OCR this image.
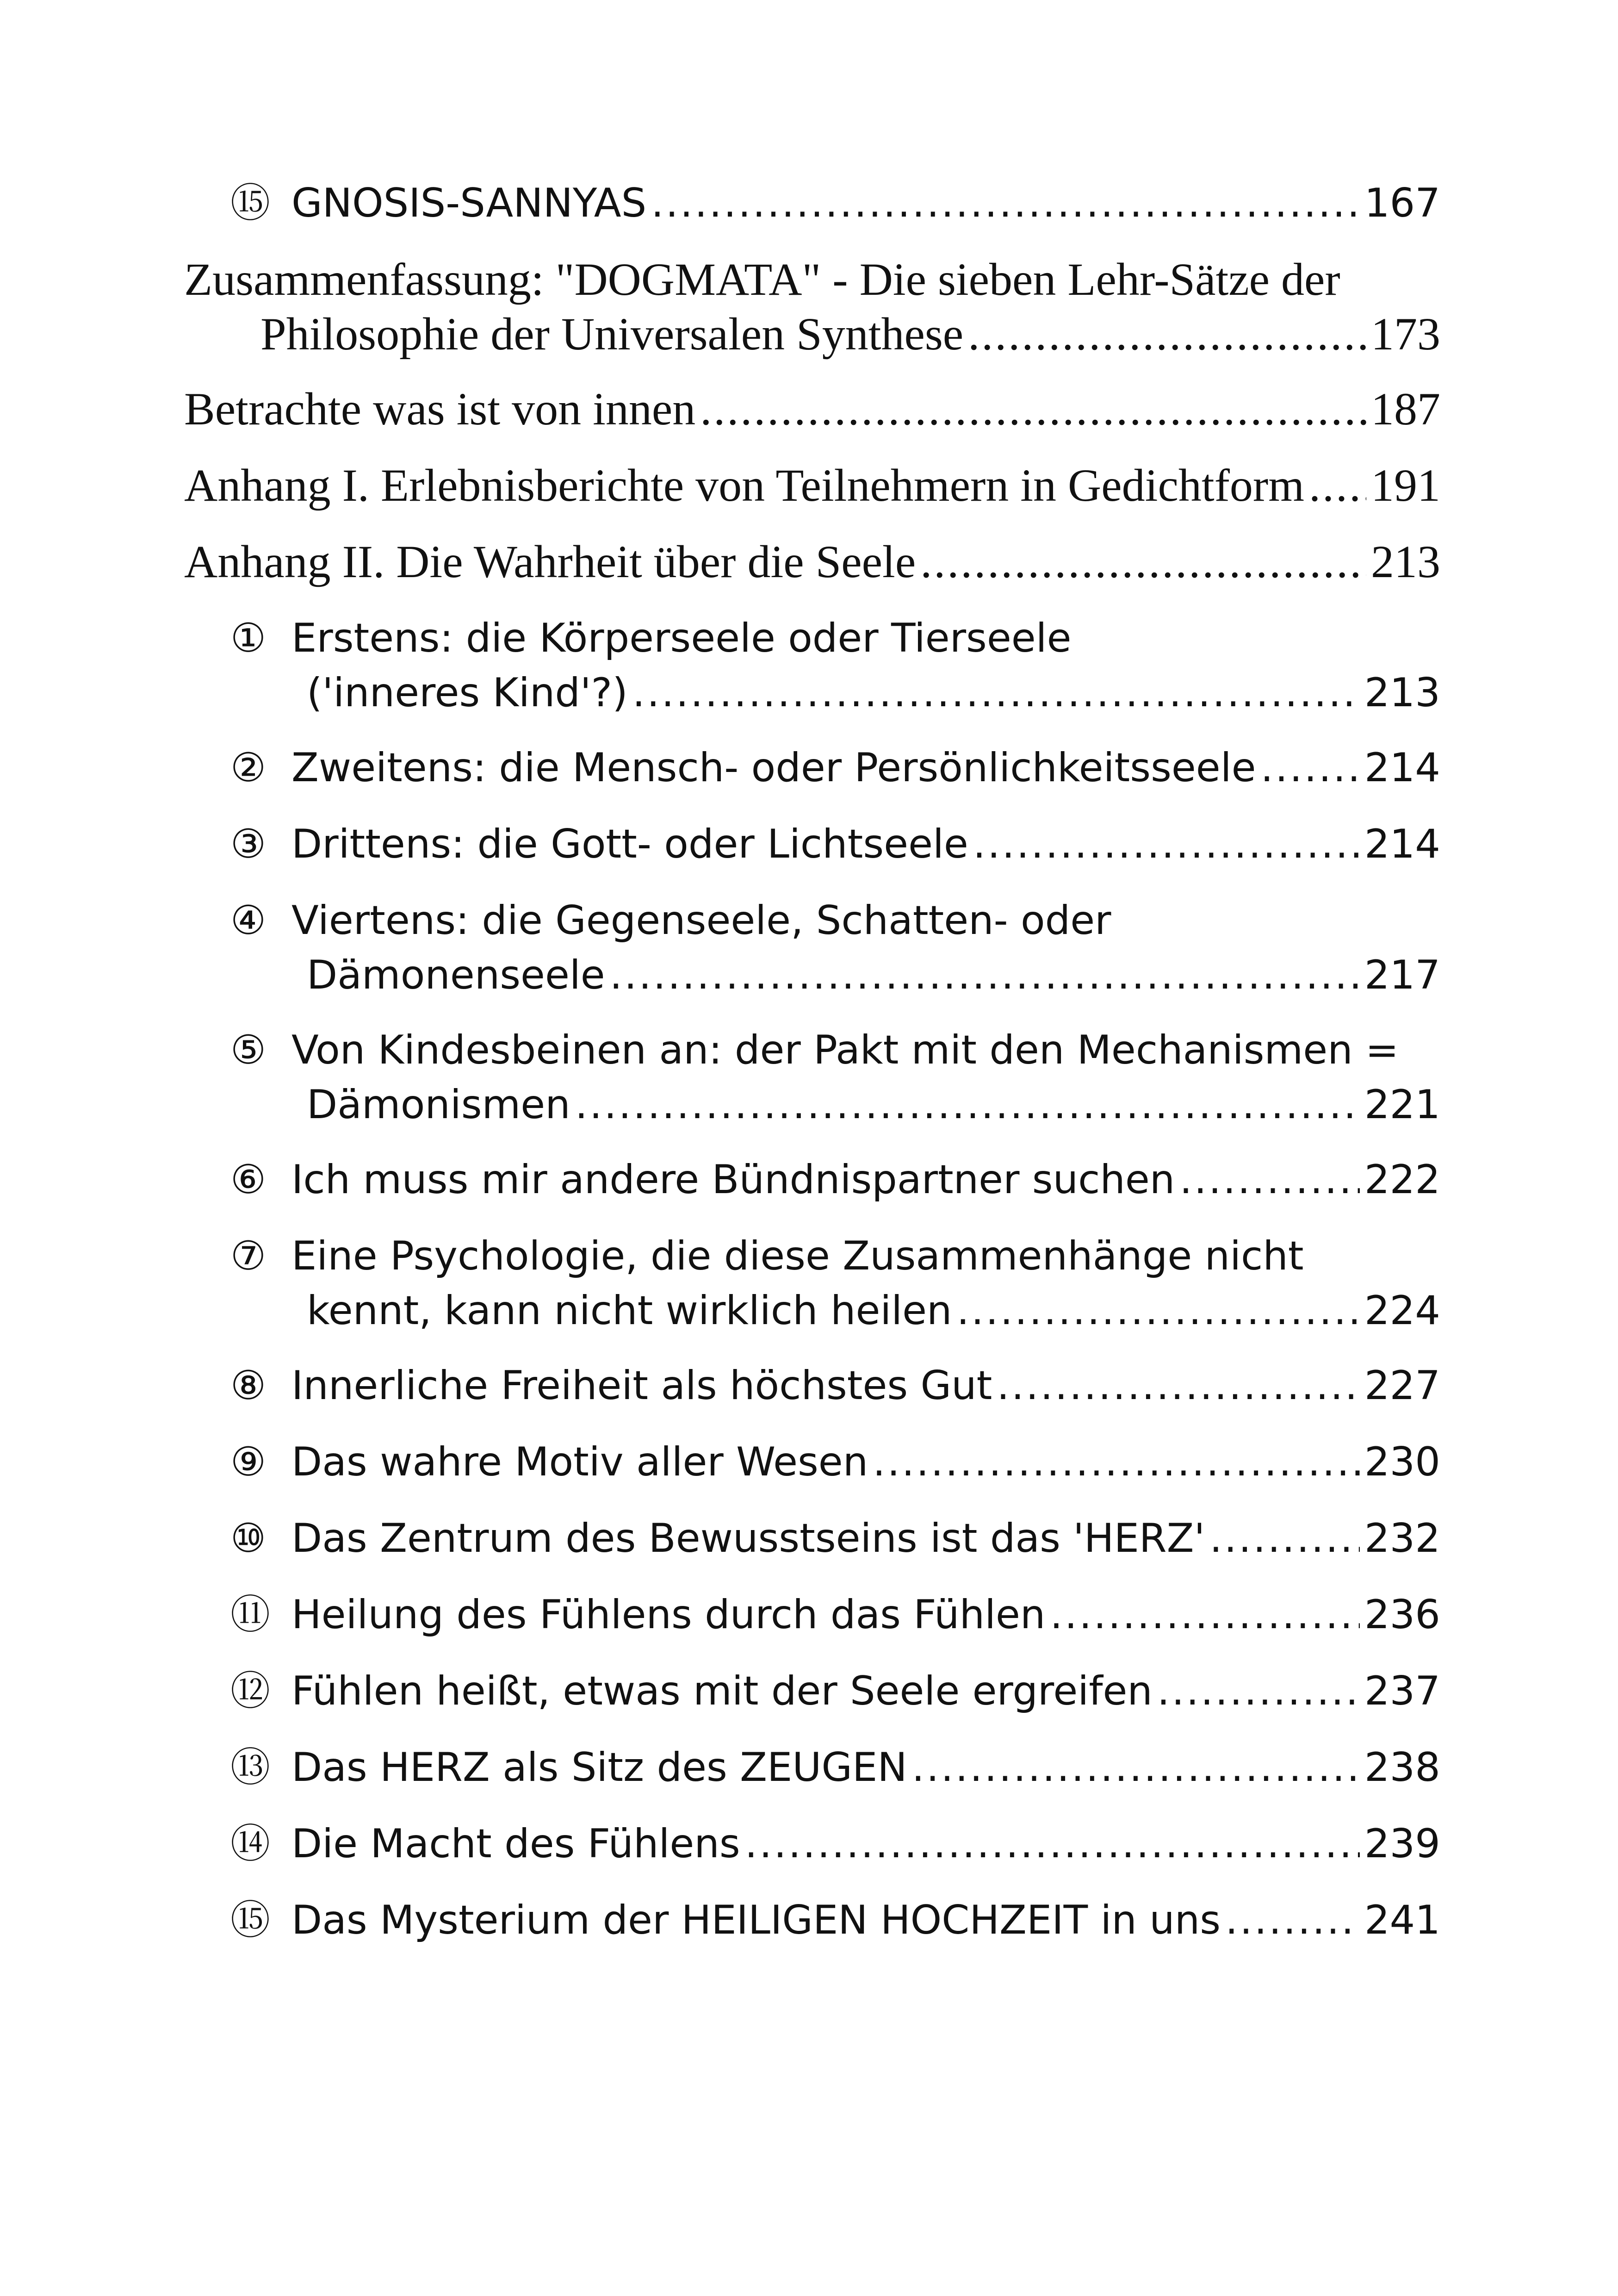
⑮ GNOSIS-SANNYAS .....	167
Zusammenfassung: "DOGMATA" - Die sieben Lehr-Sätze der
Philosophie der Universalen Synthese .....	173
Betrachte was ist von innen .....	187
Anhang I. Erlebnisberichte von Teilnehmern in Gedichtform ..... 191
Anhang II. Die Wahrheit über die Seele .....	213
① Erstens: die Körperseele oder Tierseele
('inneres Kind'?) .....	213
② Zweitens: die Mensch- oder Persönlichkeitsseele .....	214
③ Drittens: die Gott- oder Lichtseele .....	214
④ Viertens: die Gegenseele, Schatten- oder
Dämonenseele .....	217
⑤ Von Kindesbeinen an: der Pakt mit den Mechanismen =
Dämonismen .....	221
⑥ Ich muss mir andere Bündnispartner suchen .....	222
⑦ Eine Psychologie, die diese Zusammenhänge nicht
kennt, kann nicht wirklich heilen .....	224
⑧ Innerliche Freiheit als höchstes Gut .....	227
⑨ Das wahre Motiv aller Wesen .....	230
⑩ Das Zentrum des Bewusstseins ist das 'HERZ' .....	232
⑪ Heilung des Fühlens durch das Fühlen .....	236
⑫ Fühlen heißt, etwas mit der Seele ergreifen .....	237
⑬ Das HERZ als Sitz des ZEUGEN .....	238
⑭ Die Macht des Fühlens .....	239
⑮ Das Mysterium der HEILIGEN HOCHZEIT in uns .....	241
